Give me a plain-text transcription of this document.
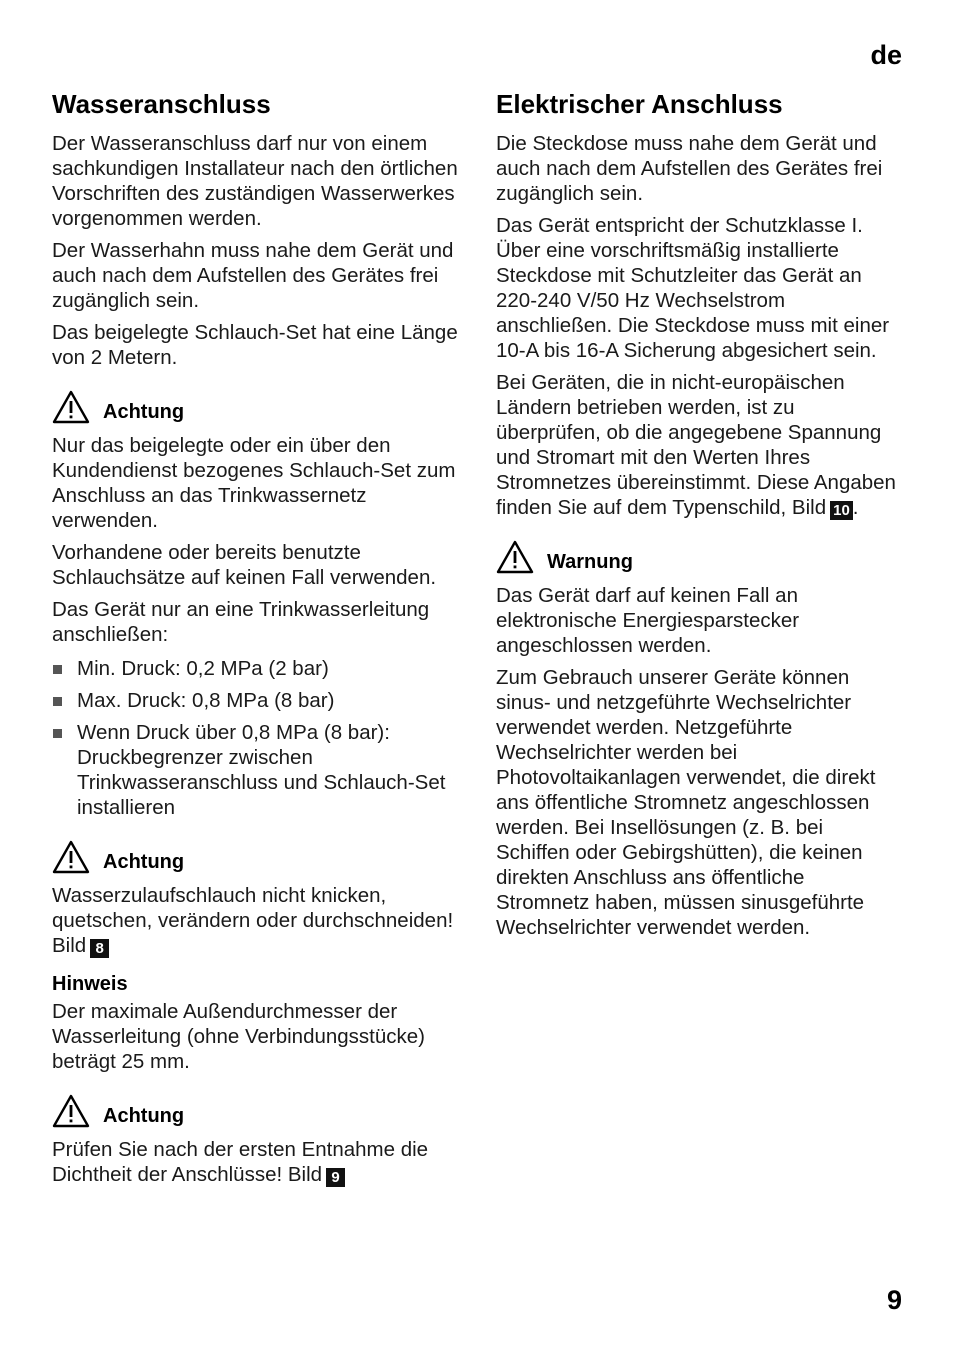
de
Wasseranschluss

Der Wasseranschluss darf nur von einem sachkundigen Installateur nach den örtlichen Vorschriften des zuständigen Wasserwerkes vorgenommen werden.

Der Wasserhahn muss nahe dem Gerät und auch nach dem Aufstellen des Gerätes frei zugänglich sein.

Das beigelegte Schlauch-Set hat eine Länge von 2 Metern.

Achtung

Nur das beigelegte oder ein über den Kundendienst bezogenes Schlauch-Set zum Anschluss an das Trinkwassernetz verwenden.

Vorhandene oder bereits benutzte Schlauchsätze auf keinen Fall verwenden.

Das Gerät nur an eine Trinkwasserleitung anschließen:

Min. Druck: 0,2 MPa (2 bar)
Max. Druck: 0,8 MPa (8 bar)
Wenn Druck über 0,8 MPa (8 bar): Druckbegrenzer zwischen Trinkwasseranschluss und Schlauch-Set installieren
Achtung

Wasserzulaufschlauch nicht knicken, quetschen, verändern oder durchschneiden! Bild 8

Hinweis

Der maximale Außendurchmesser der Wasserleitung (ohne Verbindungsstücke) beträgt 25 mm.

Achtung

Prüfen Sie nach der ersten Entnahme die Dichtheit der Anschlüsse! Bild 9

Elektrischer Anschluss

Die Steckdose muss nahe dem Gerät und auch nach dem Aufstellen des Gerätes frei zugänglich sein.

Das Gerät entspricht der Schutzklasse I. Über eine vorschriftsmäßig installierte Steckdose mit Schutzleiter das Gerät an 220-240 V/50 Hz Wechselstrom anschließen. Die Steckdose muss mit einer 10-A bis 16-A Sicherung abgesichert sein.

Bei Geräten, die in nicht-europäischen Ländern betrieben werden, ist zu überprüfen, ob die angegebene Spannung und Stromart mit den Werten Ihres Stromnetzes übereinstimmt. Diese Angaben finden Sie auf dem Typenschild, Bild 10 .

Warnung

Das Gerät darf auf keinen Fall an elektronische Energiesparstecker angeschlossen werden.

Zum Gebrauch unserer Geräte können sinus- und netzgeführte Wechselrichter verwendet werden. Netzgeführte Wechselrichter werden bei Photovoltaikanlagen verwendet, die direkt ans öffentliche Stromnetz angeschlossen werden. Bei Insellösungen (z. B. bei Schiffen oder Gebirgshütten), die keinen direkten Anschluss ans öffentliche Stromnetz haben, müssen sinusgeführte Wechselrichter verwendet werden.

9
